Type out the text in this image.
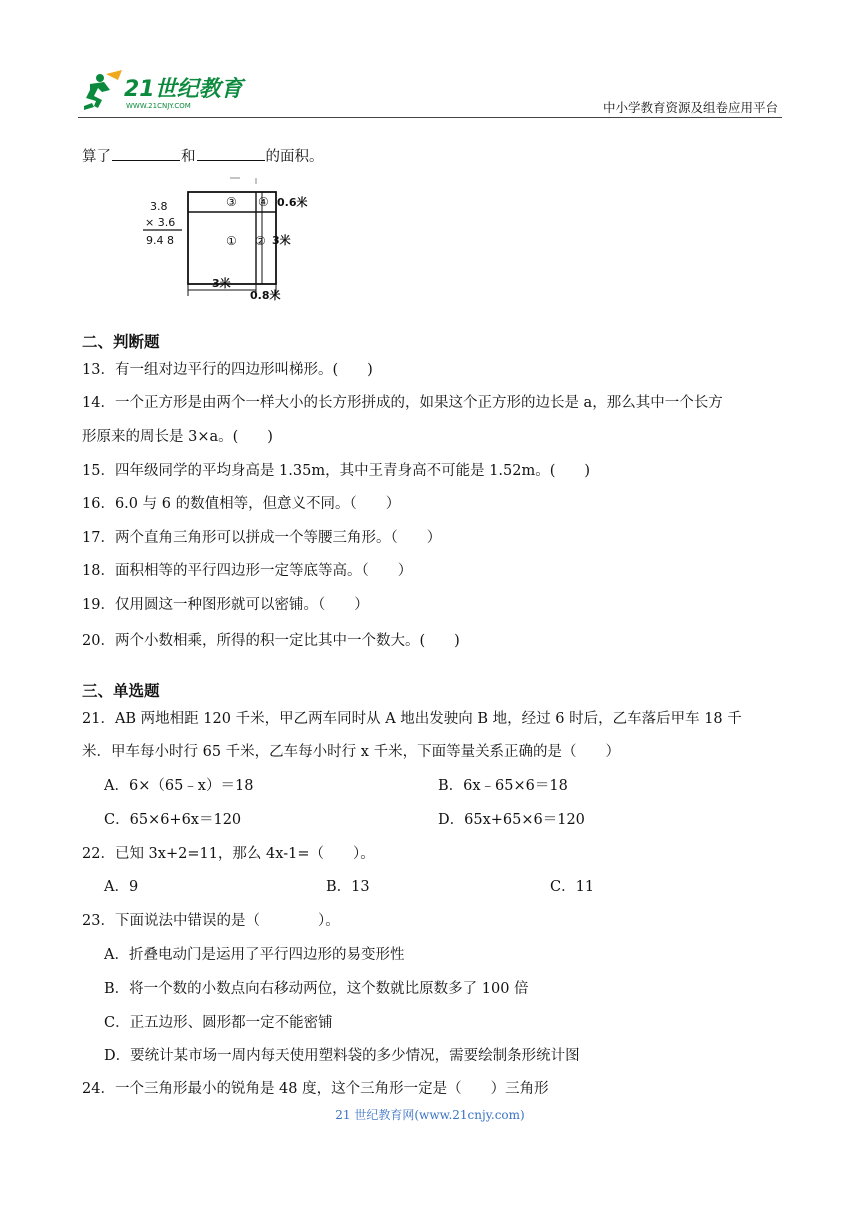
21世纪教育
WWW.21CNJY.COM	中小学教育资源及组卷应用平台
算了	和	的面积。
3.8
× 3.6
9.4 8
③ ④
① ②
0.6米
3米
3米
0.8米
二、判断题
13．有一组对边平行的四边形叫梯形。(　　)
14．一个正方形是由两个一样大小的长方形拼成的，如果这个正方形的边长是 a，那么其中一个长方
形原来的周长是 3×a。(　　)
15．四年级同学的平均身高是 1.35m，其中王青身高不可能是 1.52m。(　　)
16．6.0 与 6 的数值相等，但意义不同。（　　）
17．两个直角三角形可以拼成一个等腰三角形。（　　）
18．面积相等的平行四边形一定等底等高。（　　）
19．仅用圆这一种图形就可以密铺。（　　）
20．两个小数相乘，所得的积一定比其中一个数大。(　　)
三、单选题
21．AB 两地相距 120 千米，甲乙两车同时从 A 地出发驶向 B 地，经过 6 时后，乙车落后甲车 18 千
米．甲车每小时行 65 千米，乙车每小时行 x 千米，下面等量关系正确的是（　　）
A．6×（65﹣x）＝18	B．6x﹣65×6＝18
C．65×6+6x＝120	D．65x+65×6＝120
22．已知 3x+2=11，那么 4x-1=（　　）。
A．9	B．13	C．11
23．下面说法中错误的是（　　　　）。
A．折叠电动门是运用了平行四边形的易变形性
B．将一个数的小数点向右移动两位，这个数就比原数多了 100 倍
C．正五边形、圆形都一定不能密铺
D．要统计某市场一周内每天使用塑料袋的多少情况，需要绘制条形统计图
24．一个三角形最小的锐角是 48 度，这个三角形一定是（　　）三角形
21 世纪教育网(www.21cnjy.com)
